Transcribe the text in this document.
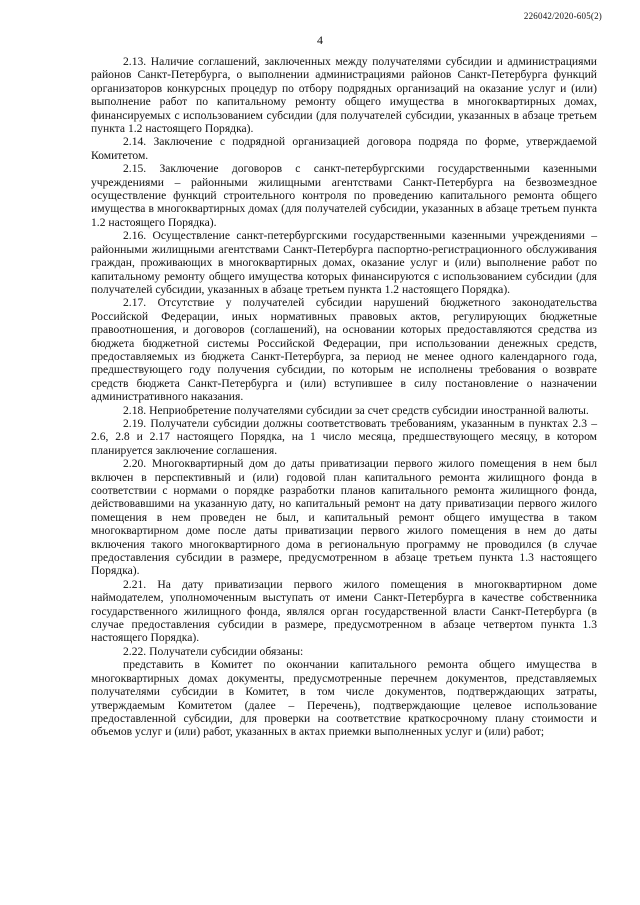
226042/2020-605(2)
4

2.13. Наличие соглашений, заключенных между получателями субсидии и администрациями районов Санкт-Петербурга, о выполнении администрациями районов Санкт-Петербурга функций организаторов конкурсных процедур по отбору подрядных организаций на оказание услуг и (или) выполнение работ по капитальному ремонту общего имущества в многоквартирных домах, финансируемых с использованием субсидии (для получателей субсидии, указанных в абзаце третьем пункта 1.2 настоящего Порядка).

2.14. Заключение с подрядной организацией договора подряда по форме, утверждаемой Комитетом.

2.15. Заключение договоров с санкт-петербургскими государственными казенными учреждениями – районными жилищными агентствами Санкт-Петербурга на безвозмездное осуществление функций строительного контроля по проведению капитального ремонта общего имущества в многоквартирных домах (для получателей субсидии, указанных в абзаце третьем пункта 1.2 настоящего Порядка).

2.16. Осуществление санкт-петербургскими государственными казенными учреждениями – районными жилищными агентствами Санкт-Петербурга паспортно-регистрационного обслуживания граждан, проживающих в многоквартирных домах, оказание услуг и (или) выполнение работ по капитальному ремонту общего имущества которых финансируются с использованием субсидии (для получателей субсидии, указанных в абзаце третьем пункта 1.2 настоящего Порядка).

2.17. Отсутствие у получателей субсидии нарушений бюджетного законодательства Российской Федерации, иных нормативных правовых актов, регулирующих бюджетные правоотношения, и договоров (соглашений), на основании которых предоставляются средства из бюджета бюджетной системы Российской Федерации, при использовании денежных средств, предоставляемых из бюджета Санкт-Петербурга, за период не менее одного календарного года, предшествующего году получения субсидии, по которым не исполнены требования о возврате средств бюджета Санкт-Петербурга и (или) вступившее в силу постановление о назначении административного наказания.

2.18. Неприобретение получателями субсидии за счет средств субсидии иностранной валюты.

2.19. Получатели субсидии должны соответствовать требованиям, указанным в пунктах 2.3 – 2.6, 2.8 и 2.17 настоящего Порядка, на 1 число месяца, предшествующего месяцу, в котором планируется заключение соглашения.

2.20. Многоквартирный дом до даты приватизации первого жилого помещения в нем был включен в перспективный и (или) годовой план капитального ремонта жилищного фонда в соответствии с нормами о порядке разработки планов капитального ремонта жилищного фонда, действовавшими на указанную дату, но капитальный ремонт на дату приватизации первого жилого помещения в нем проведен не был, и капитальный ремонт общего имущества в таком многоквартирном доме после даты приватизации первого жилого помещения в нем до даты включения такого многоквартирного дома в региональную программу не проводился (в случае предоставления субсидии в размере, предусмотренном в абзаце третьем пункта 1.3 настоящего Порядка).

2.21. На дату приватизации первого жилого помещения в многоквартирном доме наймодателем, уполномоченным выступать от имени Санкт-Петербурга в качестве собственника государственного жилищного фонда, являлся орган государственной власти Санкт-Петербурга (в случае предоставления субсидии в размере, предусмотренном в абзаце четвертом пункта 1.3 настоящего Порядка).

2.22. Получатели субсидии обязаны:

представить в Комитет по окончании капитального ремонта общего имущества в многоквартирных домах документы, предусмотренные перечнем документов, представляемых получателями субсидии в Комитет, в том числе документов, подтверждающих затраты, утверждаемым Комитетом (далее – Перечень), подтверждающие целевое использование предоставленной субсидии, для проверки на соответствие краткосрочному плану стоимости и объемов услуг и (или) работ, указанных в актах приемки выполненных услуг и (или) работ;
